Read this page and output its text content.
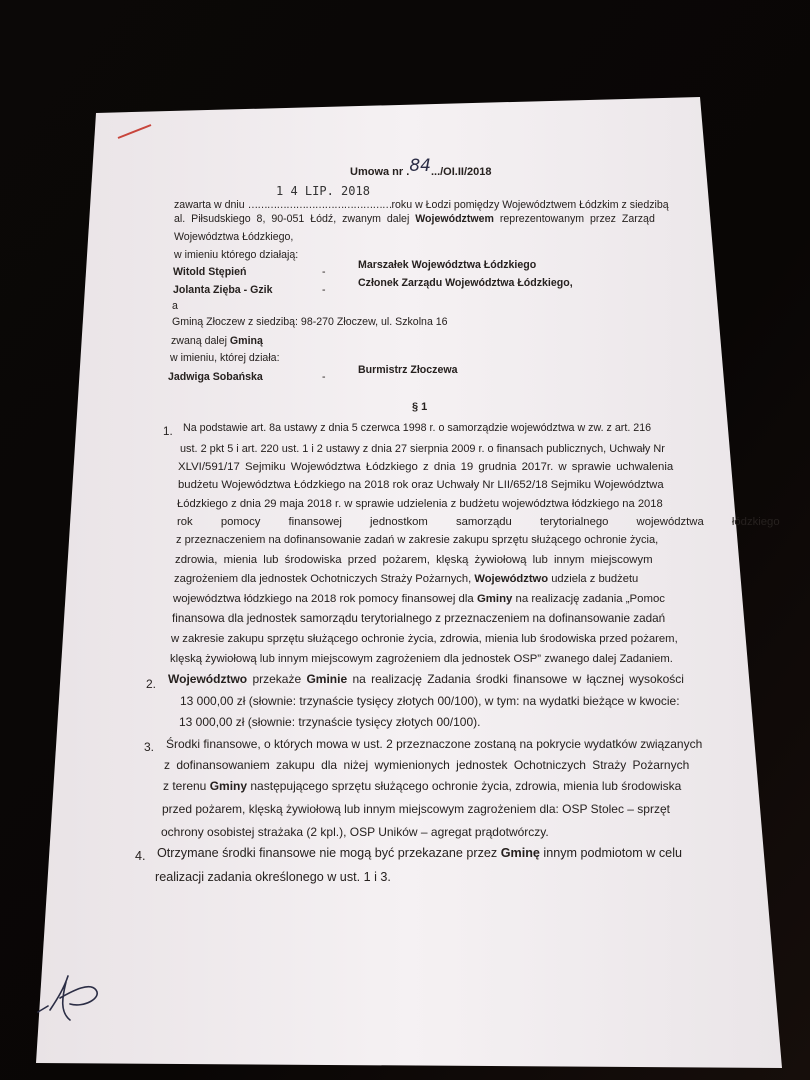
Umowa nr .84.../OI.II/2018
1 4 LIP. 2018
zawarta w dniu ………………………………………roku w Łodzi pomiędzy Województwem Łódzkim z siedzibą
al. Piłsudskiego 8, 90-051 Łódź, zwanym dalej Województwem reprezentowanym przez Zarząd
Województwa Łódzkiego,
w imieniu którego działają:
Witold Stępień	-
Marszałek Województwa Łódzkiego
Jolanta Zięba - Gzik	-
Członek Zarządu Województwa Łódzkiego,
a
Gminą Złoczew z siedzibą: 98-270 Złoczew, ul. Szkolna 16
zwaną dalej Gminą
w imieniu, której działa:
Jadwiga Sobańska	-
Burmistrz Złoczewa
§ 1
1. Na podstawie art. 8a ustawy z dnia 5 czerwca 1998 r. o samorządzie województwa w zw. z art. 216
ust. 2 pkt 5 i art. 220 ust. 1 i 2 ustawy z dnia 27 sierpnia 2009 r. o finansach publicznych, Uchwały Nr
XLVI/591/17 Sejmiku Województwa Łódzkiego z dnia 19 grudnia 2017r. w sprawie uchwalenia
budżetu Województwa Łódzkiego na 2018 rok oraz Uchwały Nr LII/652/18 Sejmiku Województwa
Łódzkiego z dnia 29 maja 2018 r. w sprawie udzielenia z budżetu województwa łódzkiego na 2018
rok pomocy finansowej jednostkom samorządu terytorialnego województwa łódzkiego
z przeznaczeniem na dofinansowanie zadań w zakresie zakupu sprzętu służącego ochronie życia,
zdrowia, mienia lub środowiska przed pożarem, klęską żywiołową lub innym miejscowym
zagrożeniem dla jednostek Ochotniczych Straży Pożarnych, Województwo udziela z budżetu
województwa łódzkiego na 2018 rok pomocy finansowej dla Gminy na realizację zadania „Pomoc
finansowa dla jednostek samorządu terytorialnego z przeznaczeniem na dofinansowanie zadań
w zakresie zakupu sprzętu służącego ochronie życia, zdrowia, mienia lub środowiska przed pożarem,
klęską żywiołową lub innym miejscowym zagrożeniem dla jednostek OSP” zwanego dalej Zadaniem.
2. Województwo przekaże Gminie na realizację Zadania środki finansowe w łącznej wysokości
13 000,00 zł (słownie: trzynaście tysięcy złotych 00/100), w tym: na wydatki bieżące w kwocie:
13 000,00 zł (słownie: trzynaście tysięcy złotych 00/100).
3. Środki finansowe, o których mowa w ust. 2 przeznaczone zostaną na pokrycie wydatków związanych
z dofinansowaniem zakupu dla niżej wymienionych jednostek Ochotniczych Straży Pożarnych
z terenu Gminy następującego sprzętu służącego ochronie życia, zdrowia, mienia lub środowiska
przed pożarem, klęską żywiołową lub innym miejscowym zagrożeniem dla: OSP Stolec – sprzęt
ochrony osobistej strażaka (2 kpl.), OSP Uników – agregat prądotwórczy.
4. Otrzymane środki finansowe nie mogą być przekazane przez Gminę innym podmiotom w celu
realizacji zadania określonego w ust. 1 i 3.
